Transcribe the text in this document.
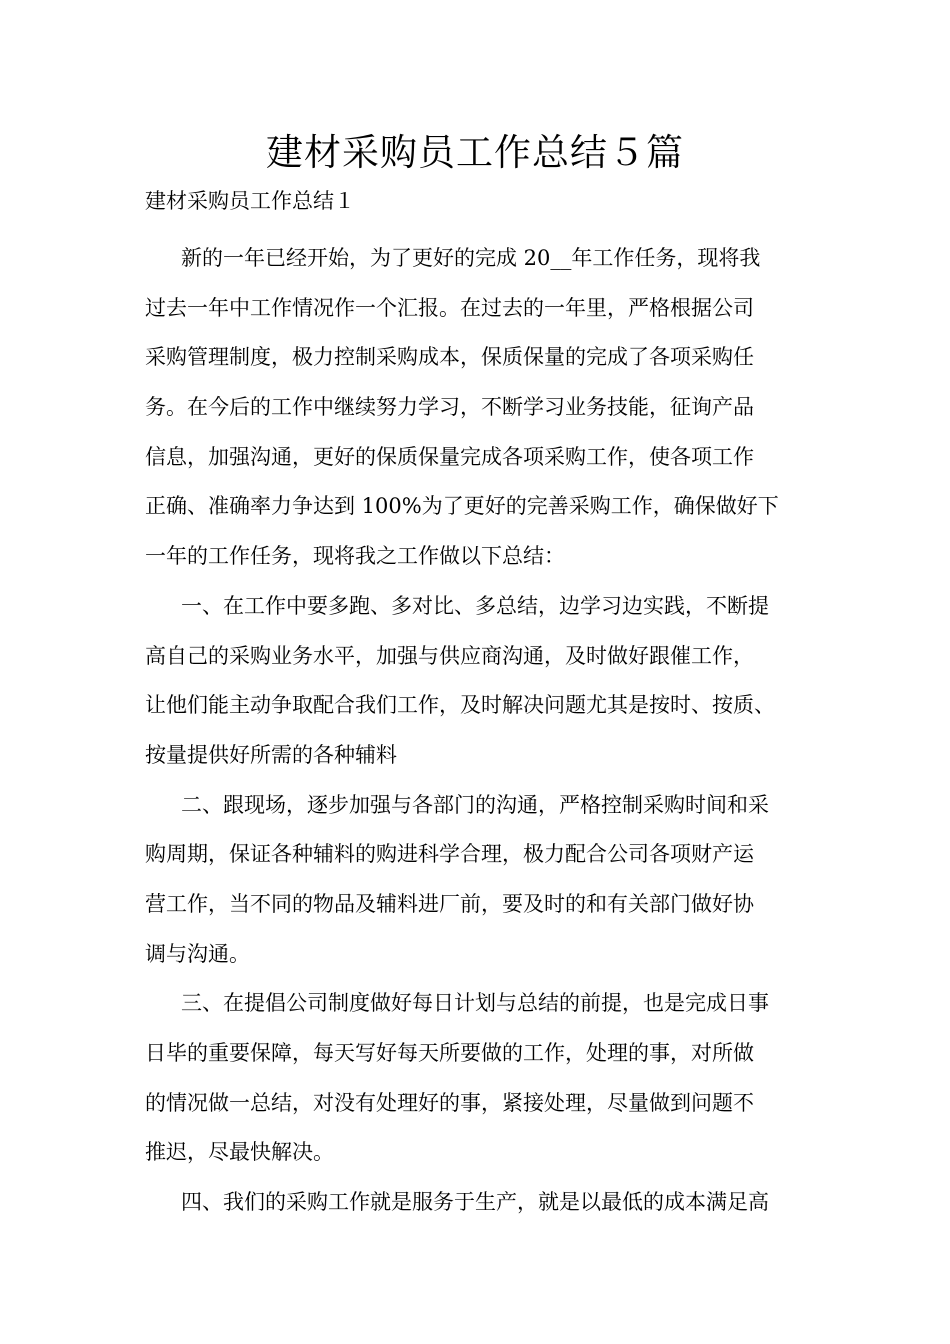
建材采购员工作总结５篇

建材采购员工作总结１

新的一年已经开始，为了更好的完成 20__年工作任务，现将我
过去一年中工作情况作一个汇报。在过去的一年里，严格根据公司
采购管理制度，极力控制采购成本，保质保量的完成了各项采购任
务。在今后的工作中继续努力学习，不断学习业务技能，征询产品
信息，加强沟通，更好的保质保量完成各项采购工作，使各项工作
正确、准确率力争达到 100%为了更好的完善采购工作，确保做好下
一年的工作任务，现将我之工作做以下总结：
一、在工作中要多跑、多对比、多总结，边学习边实践，不断提
高自己的采购业务水平，加强与供应商沟通，及时做好跟催工作，
让他们能主动争取配合我们工作，及时解决问题尤其是按时、按质、
按量提供好所需的各种辅料
二、跟现场，逐步加强与各部门的沟通，严格控制采购时间和采
购周期，保证各种辅料的购进科学合理，极力配合公司各项财产运
营工作，当不同的物品及辅料进厂前，要及时的和有关部门做好协
调与沟通。
三、在提倡公司制度做好每日计划与总结的前提，也是完成日事
日毕的重要保障，每天写好每天所要做的工作，处理的事，对所做
的情况做一总结，对没有处理好的事，紧接处理，尽量做到问题不
推迟，尽最快解决。
四、我们的采购工作就是服务于生产，就是以最低的成本满足高
